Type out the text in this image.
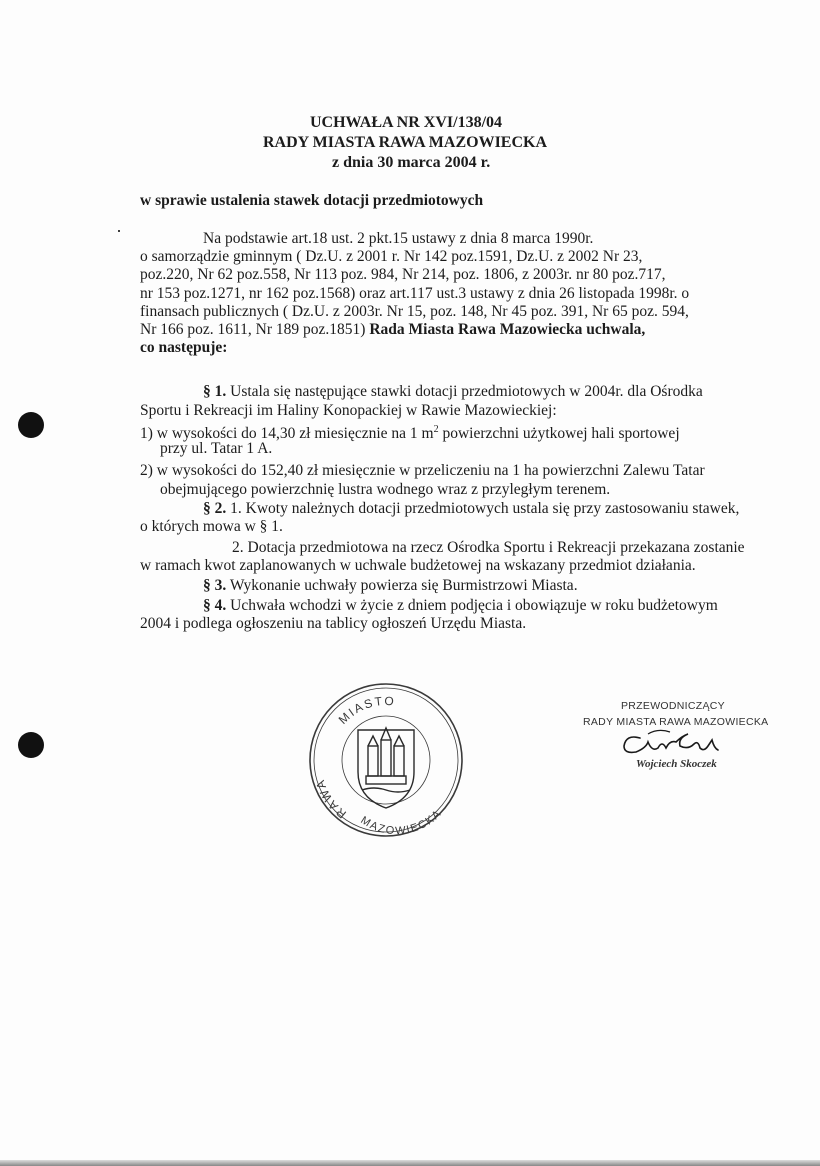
UCHWAŁA NR XVI/138/04
RADY MIASTA RAWA MAZOWIECKA
z dnia 30 marca 2004 r.
w sprawie ustalenia stawek dotacji przedmiotowych
Na podstawie art.18 ust. 2 pkt.15 ustawy z dnia 8 marca 1990r.
o samorządzie gminnym ( Dz.U. z 2001 r. Nr 142 poz.1591, Dz.U. z 2002 Nr 23,
poz.220, Nr 62 poz.558, Nr 113 poz. 984, Nr 214, poz. 1806, z 2003r. nr 80 poz.717,
nr 153 poz.1271, nr 162 poz.1568) oraz art.117 ust.3 ustawy z dnia 26 listopada 1998r. o
finansach publicznych ( Dz.U. z 2003r. Nr 15, poz. 148, Nr 45 poz. 391, Nr 65 poz. 594,
Nr 166 poz. 1611, Nr 189 poz.1851) Rada Miasta Rawa Mazowiecka uchwala,
co następuje:
§ 1. Ustala się następujące stawki dotacji przedmiotowych w 2004r. dla Ośrodka
Sportu i Rekreacji im Haliny Konopackiej w Rawie Mazowieckiej:
1) w wysokości do 14,30 zł miesięcznie na 1 $m^2$ powierzchni użytkowej hali sportowej
przy ul. Tatar 1 A.
2) w wysokości do 152,40 zł miesięcznie w przeliczeniu na 1 ha powierzchni Zalewu Tatar
obejmującego powierzchnię lustra wodnego wraz z przyległym terenem.
§ 2. 1. Kwoty należnych dotacji przedmiotowych ustala się przy zastosowaniu stawek,
o których mowa w § 1.
2. Dotacja przedmiotowa na rzecz Ośrodka Sportu i Rekreacji przekazana zostanie
w ramach kwot zaplanowanych w uchwale budżetowej na wskazany przedmiot działania.
§ 3. Wykonanie uchwały powierza się Burmistrzowi Miasta.
§ 4. Uchwała wchodzi w życie z dniem podjęcia i obowiązuje w roku budżetowym
2004 i podlega ogłoszeniu na tablicy ogłoszeń Urzędu Miasta.
MIASTO
RAWA
MAZOWIECKA
PRZEWODNICZĄCY
RADY MIASTA RAWA MAZOWIECKA
Wojciech Skoczek
